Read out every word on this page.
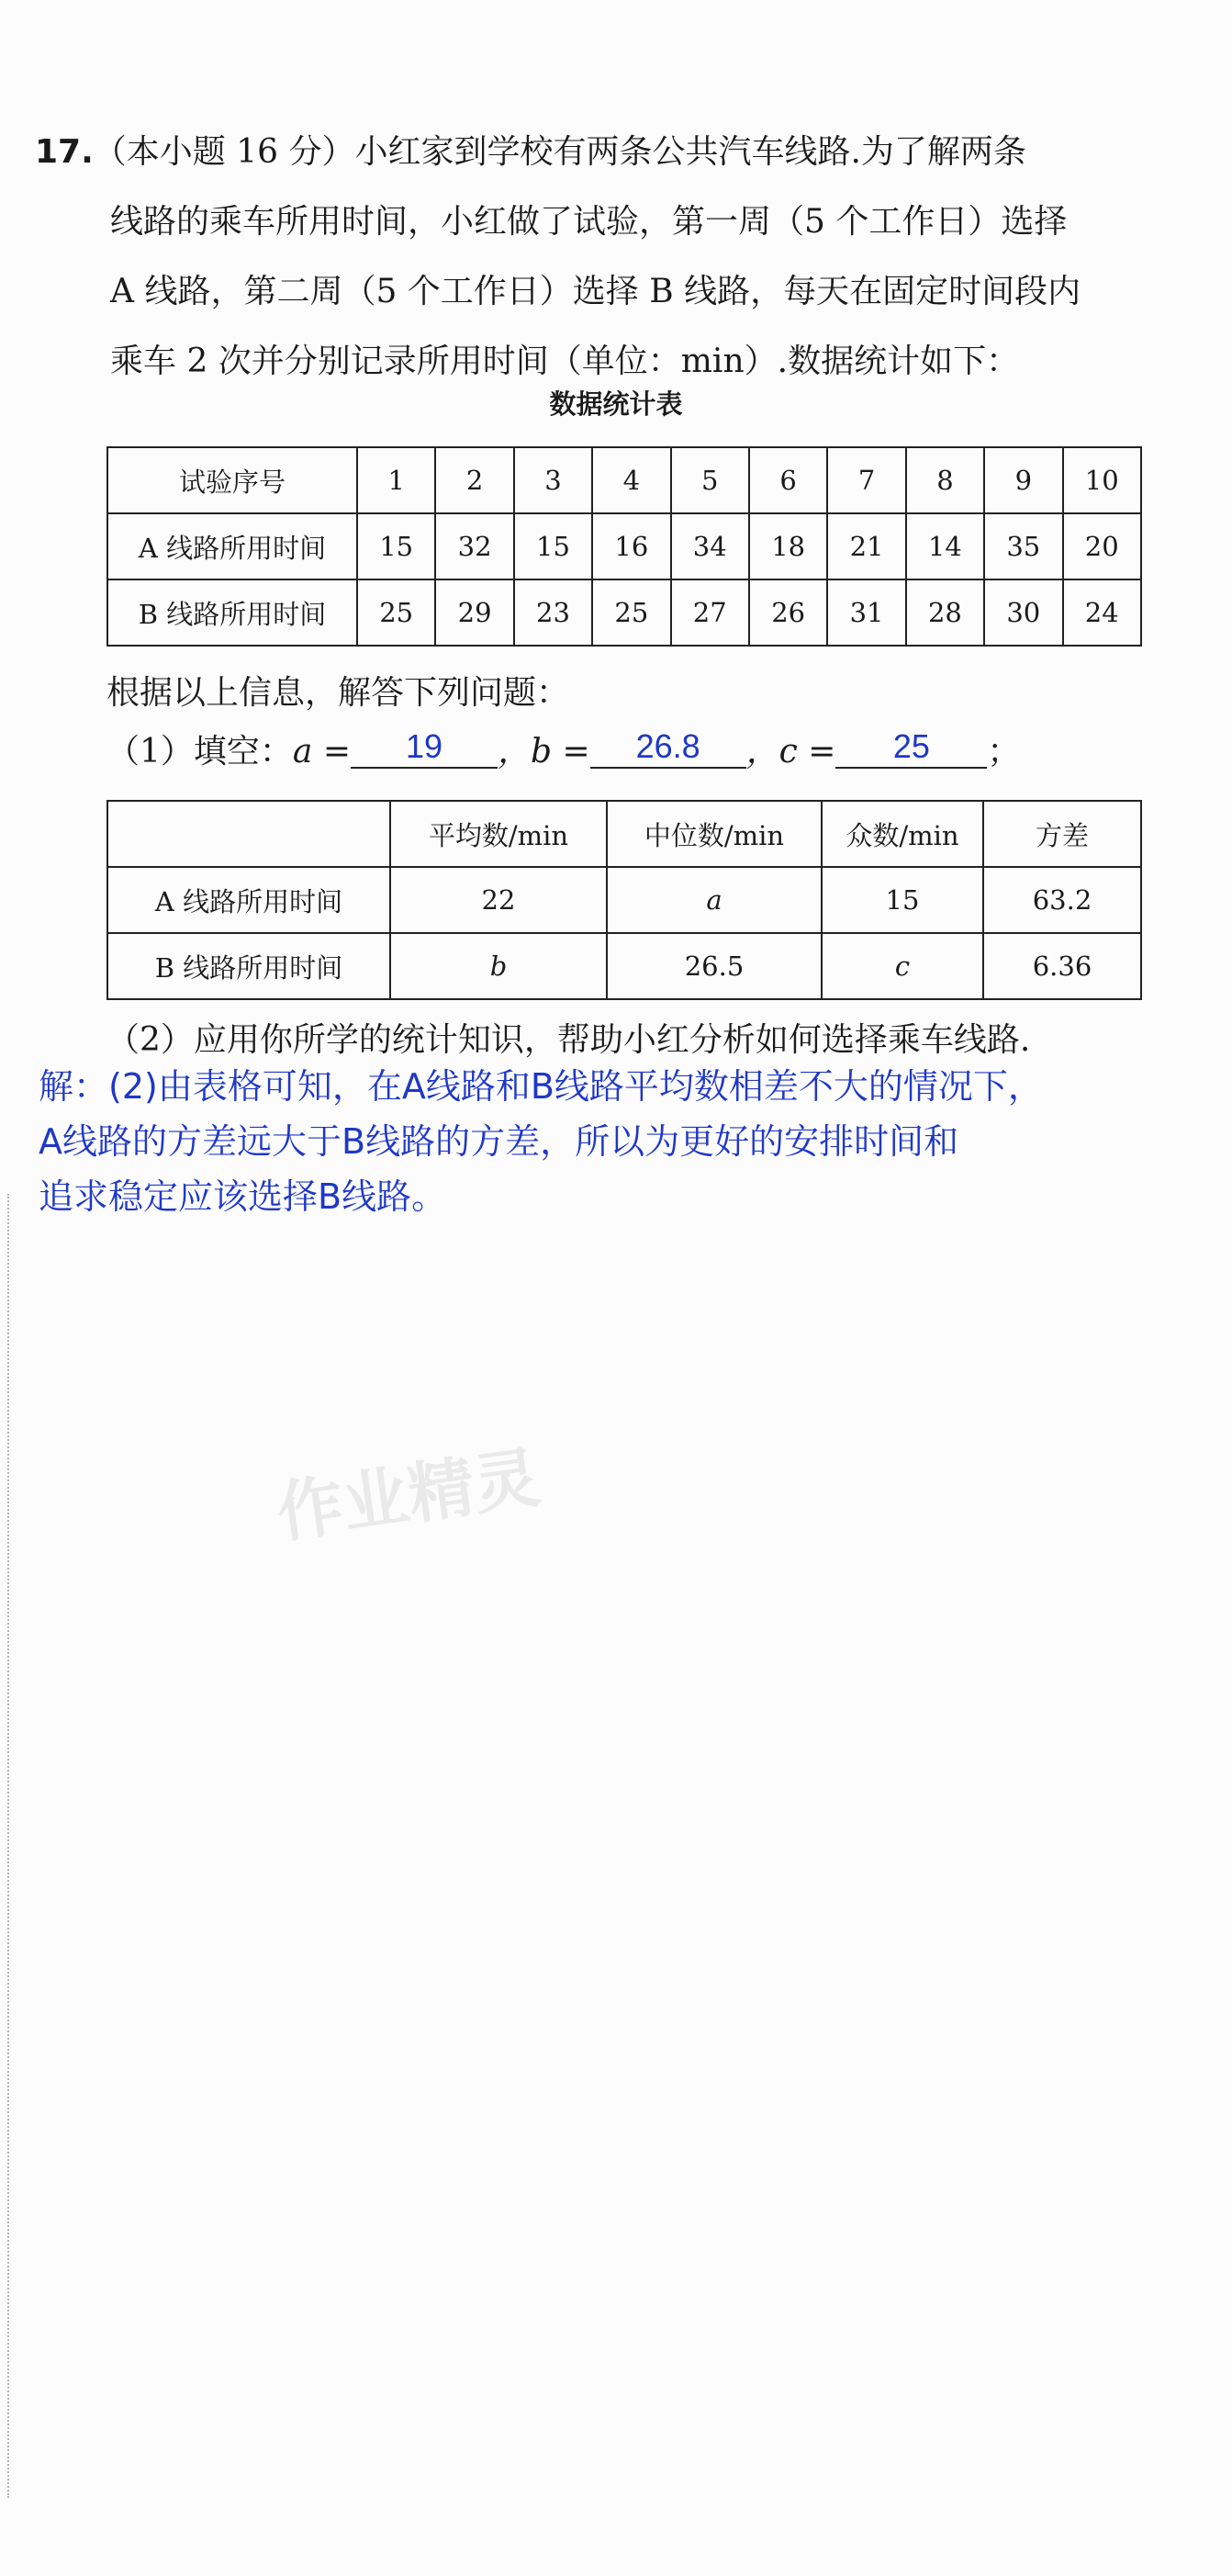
17.（本小题 16 分）小红家到学校有两条公共汽车线路.为了解两条

线路的乘车所用时间，小红做了试验，第一周（5 个工作日）选择

A 线路，第二周（5 个工作日）选择 B 线路，每天在固定时间段内

乘车 2 次并分别记录所用时间（单位：min）.数据统计如下：

数据统计表
试验序号	1	2	3	4	5	6	7	8	9	10
A 线路所用时间	15	32	15	16	34	18	21	14	35	20
B 线路所用时间	25	29	23	25	27	26	31	28	30	24
根据以上信息，解答下列问题：
（1）填空：a = 19 ，b = 26.8 ，c = 25 ；
	平均数/min	中位数/min	众数/min	方差
A 线路所用时间	22	a	15	63.2
B 线路所用时间	b	26.5	c	6.36
（2）应用你所学的统计知识，帮助小红分析如何选择乘车线路.
解：(2)由表格可知，在A线路和B线路平均数相差不大的情况下，
A线路的方差远大于B线路的方差，所以为更好的安排时间和
追求稳定应该选择B线路。
作业精灵
